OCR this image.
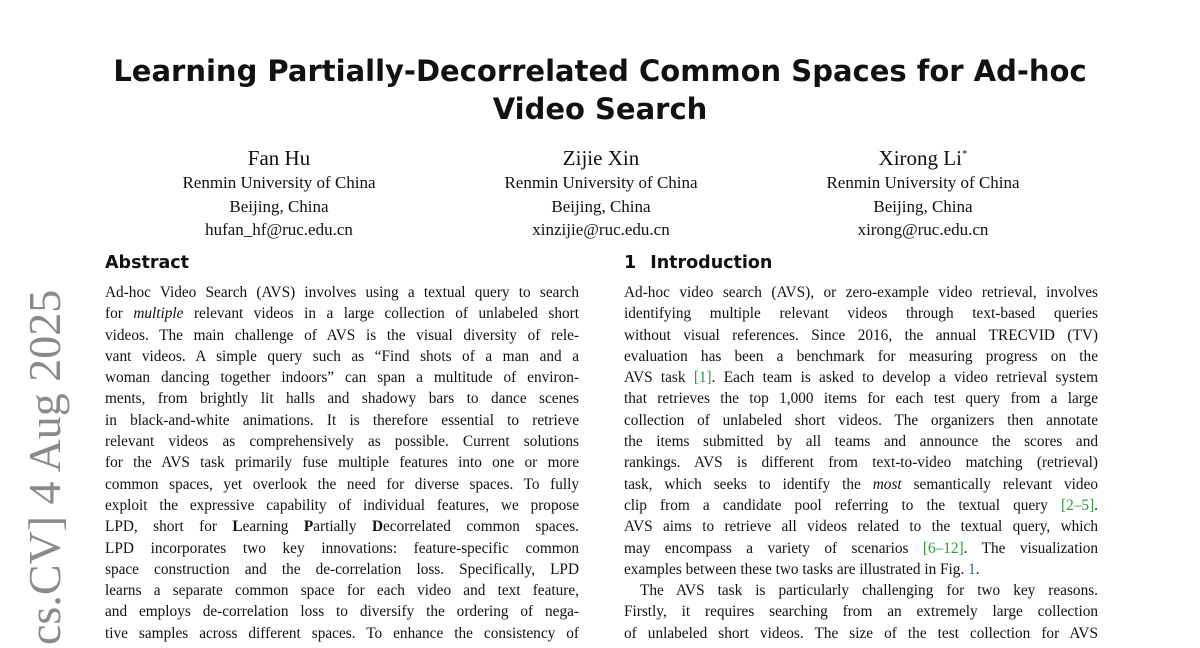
cs.CV] 4 Aug 2025
Learning Partially-Decorrelated Common Spaces for Ad-hoc
Video Search
Fan Hu
Renmin University of China
Beijing, China
hufan_hf@ruc.edu.cn
Zijie Xin
Renmin University of China
Beijing, China
xinzijie@ruc.edu.cn
Xirong Li*
Renmin University of China
Beijing, China
xirong@ruc.edu.cn
Abstract
Ad-hoc Video Search (AVS) involves using a textual query to search
for multiple relevant videos in a large collection of unlabeled short
videos. The main challenge of AVS is the visual diversity of rele-
vant videos. A simple query such as “Find shots of a man and a
woman dancing together indoors” can span a multitude of environ-
ments, from brightly lit halls and shadowy bars to dance scenes
in black-and-white animations. It is therefore essential to retrieve
relevant videos as comprehensively as possible. Current solutions
for the AVS task primarily fuse multiple features into one or more
common spaces, yet overlook the need for diverse spaces. To fully
exploit the expressive capability of individual features, we propose
LPD, short for Learning Partially Decorrelated common spaces.
LPD incorporates two key innovations: feature-specific common
space construction and the de-correlation loss. Specifically, LPD
learns a separate common space for each video and text feature,
and employs de-correlation loss to diversify the ordering of nega-
tive samples across different spaces. To enhance the consistency of
1 Introduction
Ad-hoc video search (AVS), or zero-example video retrieval, involves
identifying multiple relevant videos through text-based queries
without visual references. Since 2016, the annual TRECVID (TV)
evaluation has been a benchmark for measuring progress on the
AVS task [1]. Each team is asked to develop a video retrieval system
that retrieves the top 1,000 items for each test query from a large
collection of unlabeled short videos. The organizers then annotate
the items submitted by all teams and announce the scores and
rankings. AVS is different from text-to-video matching (retrieval)
task, which seeks to identify the most semantically relevant video
clip from a candidate pool referring to the textual query [2–5].
AVS aims to retrieve all videos related to the textual query, which
may encompass a variety of scenarios [6–12]. The visualization
examples between these two tasks are illustrated in Fig. 1.
The AVS task is particularly challenging for two key reasons.
Firstly, it requires searching from an extremely large collection
of unlabeled short videos. The size of the test collection for AVS
